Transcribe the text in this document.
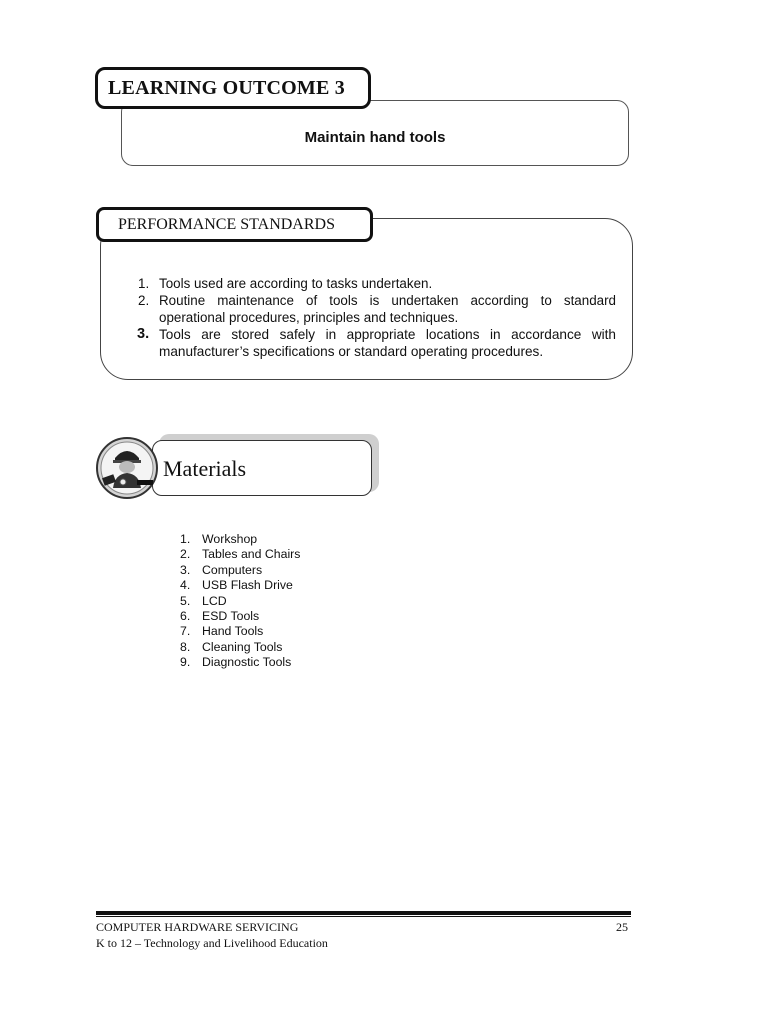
Maintain hand tools
LEARNING OUTCOME 3
PERFORMANCE STANDARDS
1. Tools used are according to tasks undertaken.
2. Routine maintenance of tools is undertaken according to standard operational procedures, principles and techniques.
3. Tools are stored safely in appropriate locations in accordance with manufacturer’s specifications or standard operating procedures.
Materials
1. Workshop
2. Tables and Chairs
3. Computers
4. USB Flash Drive
5. LCD
6. ESD Tools
7. Hand Tools
8. Cleaning Tools
9. Diagnostic Tools
COMPUTER HARDWARE SERVICING
K to 12 – Technology and Livelihood Education
25
